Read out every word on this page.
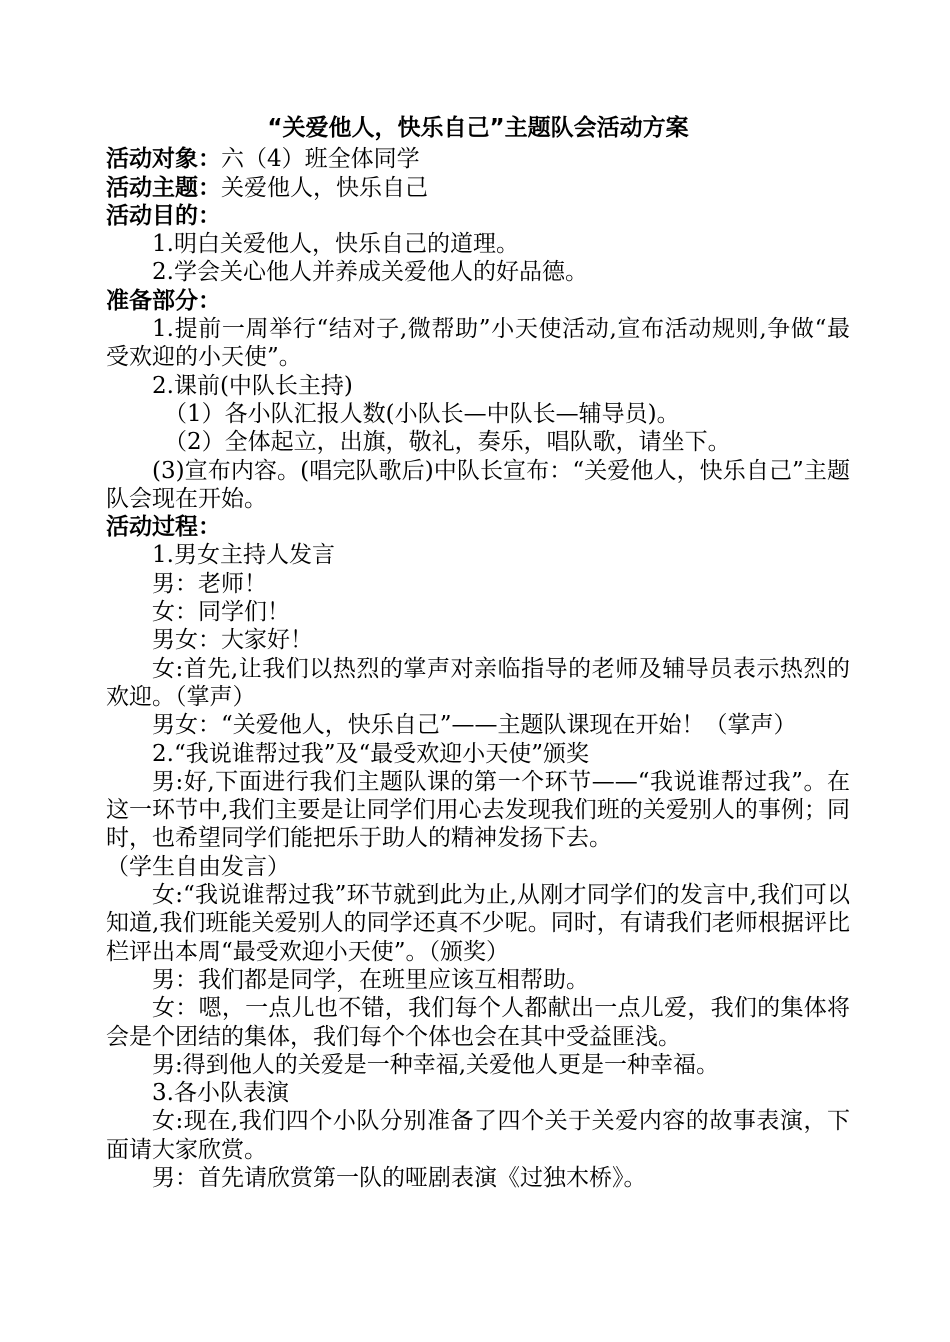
“关爱他人，快乐自己”主题队会活动方案

活动对象：六（4）班全体同学

活动主题：关爱他人，快乐自己

活动目的：

1.明白关爱他人，快乐自己的道理。

2.学会关心他人并养成关爱他人的好品德。

准备部分：

1.提前一周举行“结对子,微帮助”小天使活动,宣布活动规则,争做“最受欢迎的小天使”。

2.课前(中队长主持)

（1）各小队汇报人数(小队长—中队长—辅导员)。

（2）全体起立，出旗，敬礼，奏乐，唱队歌，请坐下。

(3)宣布内容。(唱完队歌后)中队长宣布：“关爱他人，快乐自己”主题队会现在开始。

活动过程：

1.男女主持人发言

男：老师！

女：同学们！

男女：大家好！

女:首先,让我们以热烈的掌声对亲临指导的老师及辅导员表示热烈的欢迎。（掌声）

男女：“关爱他人，快乐自己”——主题队课现在开始！（掌声）

2.“我说谁帮过我”及“最受欢迎小天使”颁奖

男:好,下面进行我们主题队课的第一个环节——“我说谁帮过我”。在这一环节中,我们主要是让同学们用心去发现我们班的关爱别人的事例；同时，也希望同学们能把乐于助人的精神发扬下去。

（学生自由发言）

女:“我说谁帮过我”环节就到此为止,从刚才同学们的发言中,我们可以知道,我们班能关爱别人的同学还真不少呢。同时，有请我们老师根据评比栏评出本周“最受欢迎小天使”。（颁奖）

男：我们都是同学，在班里应该互相帮助。

女：嗯，一点儿也不错，我们每个人都献出一点儿爱，我们的集体将会是个团结的集体，我们每个个体也会在其中受益匪浅。

男:得到他人的关爱是一种幸福,关爱他人更是一种幸福。

3.各小队表演

女:现在,我们四个小队分别准备了四个关于关爱内容的故事表演，下面请大家欣赏。

男：首先请欣赏第一队的哑剧表演《过独木桥》。
